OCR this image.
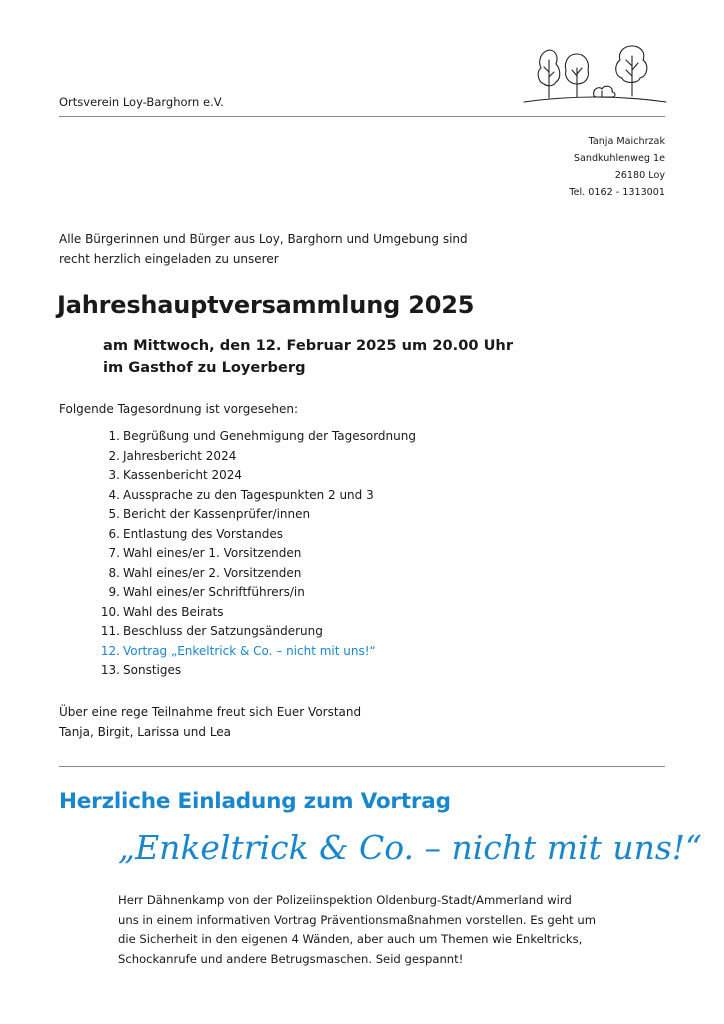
Ortsverein Loy-Barghorn e.V.
Tanja Maichrzak
Sandkuhlenweg 1e
26180 Loy
Tel. 0162 - 1313001
Alle Bürgerinnen und Bürger aus Loy, Barghorn und Umgebung sind
recht herzlich eingeladen zu unserer
Jahreshauptversammlung 2025
am Mittwoch, den 12. Februar 2025 um 20.00 Uhr
im Gasthof zu Loyerberg
Folgende Tagesordnung ist vorgesehen:
1. Begrüßung und Genehmigung der Tagesordnung
2. Jahresbericht 2024
3. Kassenbericht 2024
4. Aussprache zu den Tagespunkten 2 und 3
5. Bericht der Kassenprüfer/innen
6. Entlastung des Vorstandes
7. Wahl eines/er 1. Vorsitzenden
8. Wahl eines/er 2. Vorsitzenden
9. Wahl eines/er Schriftführers/in
10. Wahl des Beirats
11. Beschluss der Satzungsänderung
12. Vortrag „Enkeltrick & Co. – nicht mit uns!“
13. Sonstiges
Über eine rege Teilnahme freut sich Euer Vorstand
Tanja, Birgit, Larissa und Lea
Herzliche Einladung zum Vortrag
„Enkeltrick & Co. – nicht mit uns!“
Herr Dähnenkamp von der Polizeiinspektion Oldenburg-Stadt/Ammerland wird
uns in einem informativen Vortrag Präventionsmaßnahmen vorstellen. Es geht um
die Sicherheit in den eigenen 4 Wänden, aber auch um Themen wie Enkeltricks,
Schockanrufe und andere Betrugsmaschen. Seid gespannt!
